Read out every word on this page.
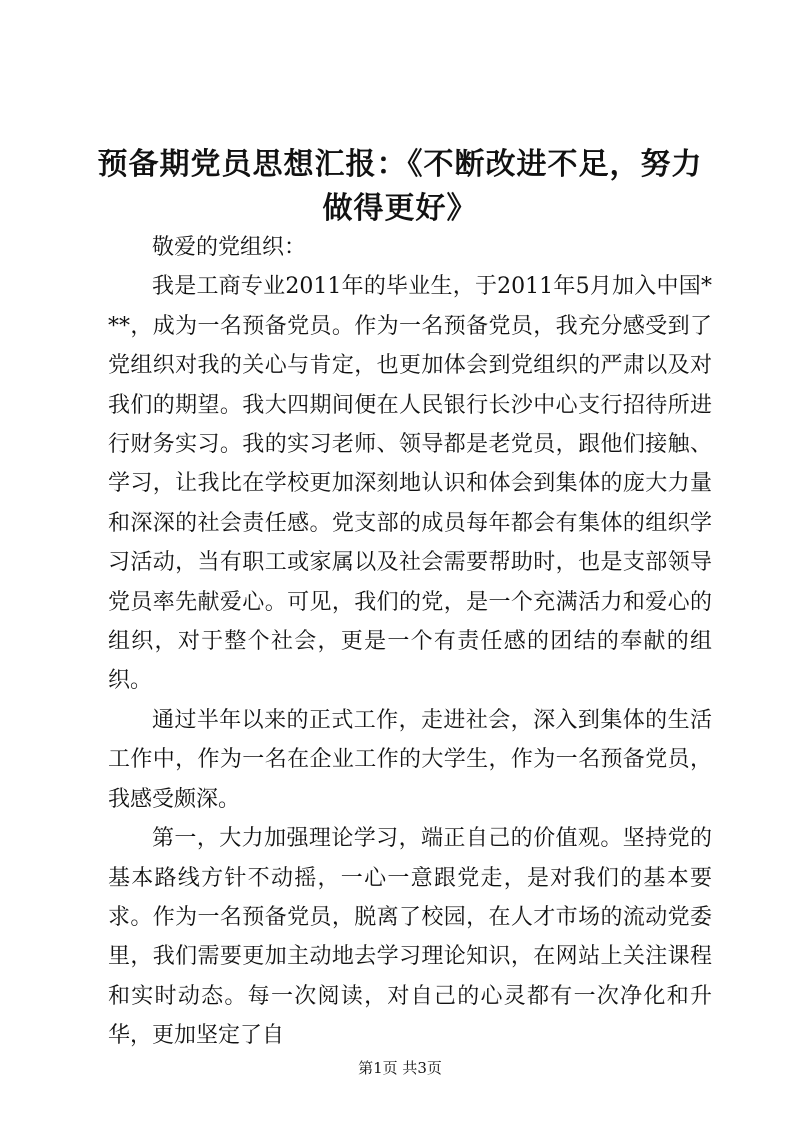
预备期党员思想汇报：《不断改进不足，努力做得更好》

敬爱的党组织：

我是工商专业2011年的毕业生，于2011年5月加入中国***，成为一名预备党员。作为一名预备党员，我充分感受到了党组织对我的关心与肯定，也更加体会到党组织的严肃以及对我们的期望。我大四期间便在人民银行长沙中心支行招待所进行财务实习。我的实习老师、领导都是老党员，跟他们接触、学习，让我比在学校更加深刻地认识和体会到集体的庞大力量和深深的社会责任感。党支部的成员每年都会有集体的组织学习活动，当有职工或家属以及社会需要帮助时，也是支部领导党员率先献爱心。可见，我们的党，是一个充满活力和爱心的组织，对于整个社会，更是一个有责任感的团结的奉献的组织。

通过半年以来的正式工作，走进社会，深入到集体的生活工作中，作为一名在企业工作的大学生，作为一名预备党员，我感受颇深。

第一，大力加强理论学习，端正自己的价值观。坚持党的基本路线方针不动摇，一心一意跟党走，是对我们的基本要求。作为一名预备党员，脱离了校园，在人才市场的流动党委里，我们需要更加主动地去学习理论知识，在网站上关注课程和实时动态。每一次阅读，对自己的心灵都有一次净化和升华，更加坚定了自

第1页 共3页
